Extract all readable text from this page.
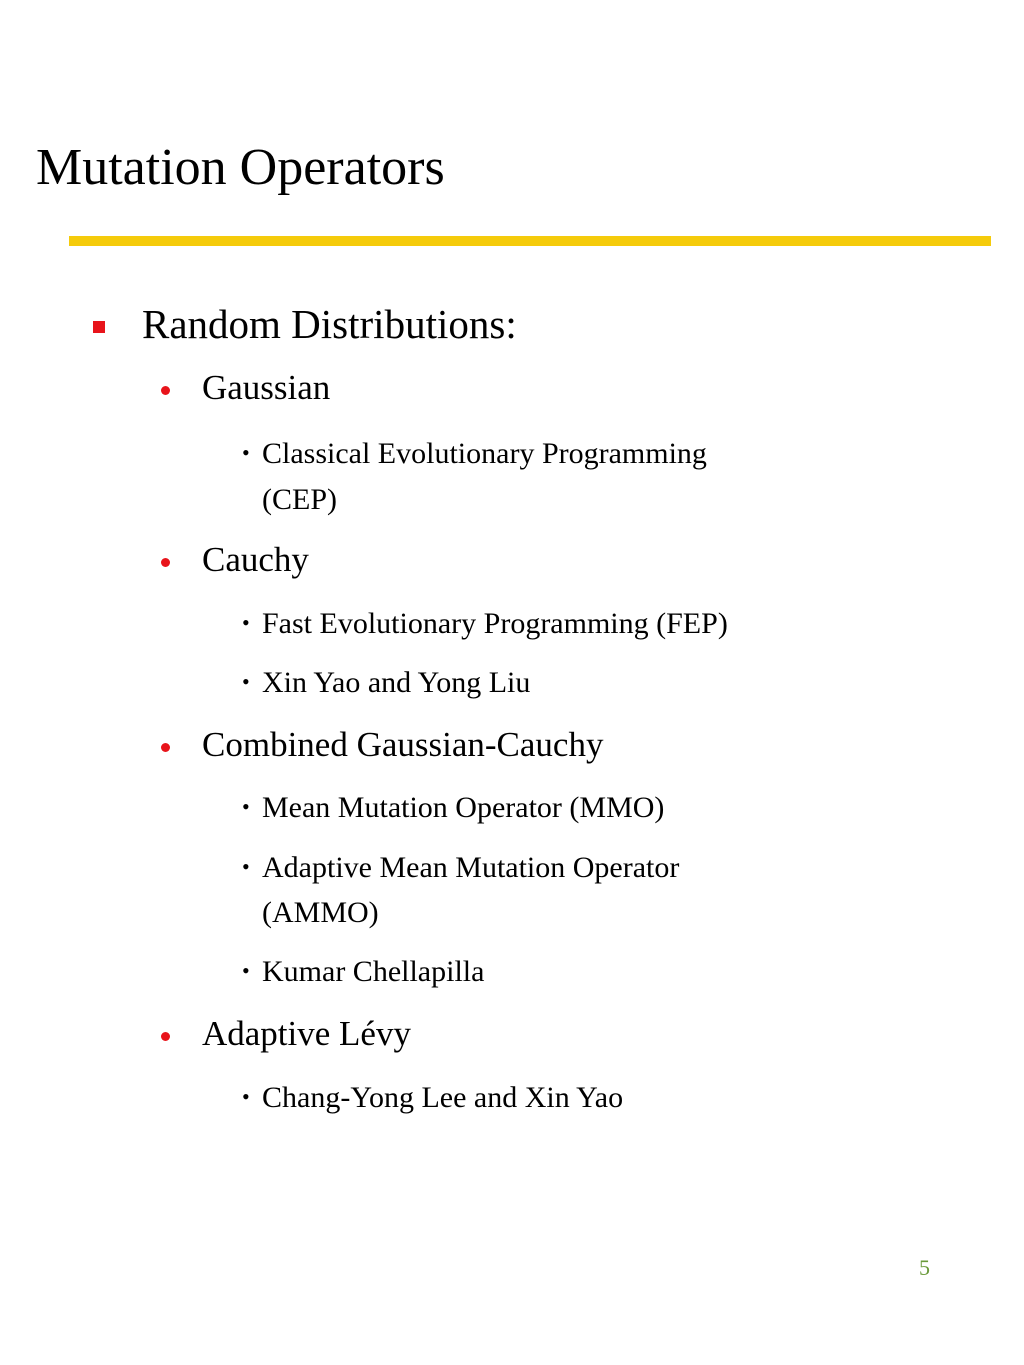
Mutation Operators
Random Distributions:
Gaussian
• Classical Evolutionary Programming
(CEP)
Cauchy
• Fast Evolutionary Programming (FEP)
• Xin Yao and Yong Liu
Combined Gaussian-Cauchy
• Mean Mutation Operator (MMO)
• Adaptive Mean Mutation Operator
(AMMO)
• Kumar Chellapilla
Adaptive Lévy
• Chang-Yong Lee and Xin Yao
5
